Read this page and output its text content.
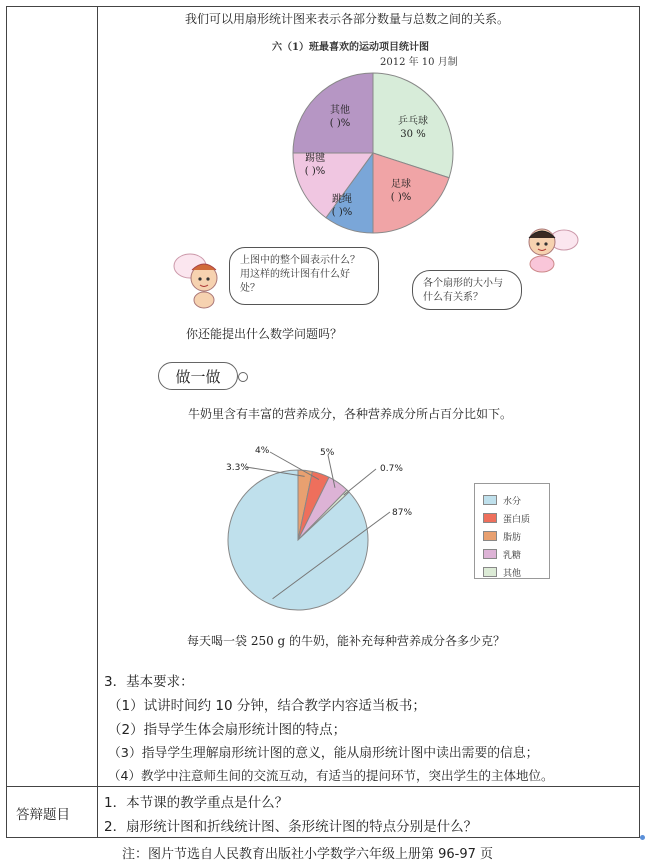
我们可以用扇形统计图来表示各部分数量与总数之间的关系。
六（1）班最喜欢的运动项目统计图
2012 年 10 月制
乒乓球
30 %
足球
( )%
跳绳
( )%
踢毽
( )%
其他
( )%
上图中的整个圆表示什么？用这样的统计图有什么好处？	各个扇形的大小与什么有关系？
你还能提出什么数学问题吗？
做一做
牛奶里含有丰富的营养成分，各种营养成分所占百分比如下。
4%
3.3%
5%
0.7%
87%
水分
蛋白质
脂肪
乳糖
其他
每天喝一袋 250 g 的牛奶，能补充每种营养成分各多少克？
3．基本要求：
（1）试讲时间约 10 分钟，结合教学内容适当板书；
（2）指导学生体会扇形统计图的特点；
（3）指导学生理解扇形统计图的意义，能从扇形统计图中读出需要的信息；
（4）教学中注意师生间的交流互动，有适当的提问环节，突出学生的主体地位。
答辩题目
1．本节课的教学重点是什么？
2．扇形统计图和折线统计图、条形统计图的特点分别是什么？
注：图片节选自人民教育出版社小学数学六年级上册第 96-97 页
